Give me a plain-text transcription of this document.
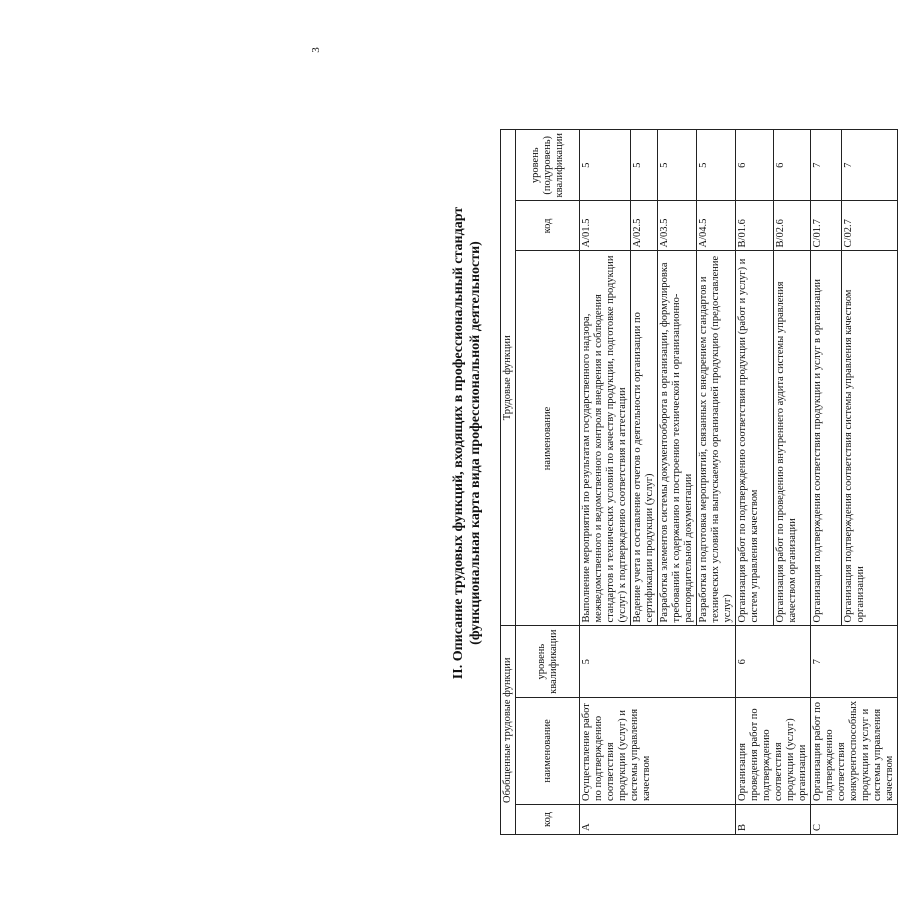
3
II. Описание трудовых функций, входящих в профессиональный стандарт (функциональная карта вида профессиональной деятельности)
Обобщенные трудовые функции			Трудовые функции		
код	наименование	уровень квалификации	наименование	код	уровень (подуровень) квалификации
A	Осуществление работ по подтверждению соответствия продукции (услуг) и системы управления качеством	5	Выполнение мероприятий по результатам государственного надзора, межведомственного и ведомственного контроля внедрения и соблюдения стандартов и технических условий по качеству продукции, подготовке продукции (услуг) к подтверждению соответствия и аттестации	A/01.5	5
			Ведение учета и составление отчетов о деятельности организации по сертификации продукции (услуг)	A/02.5	5
			Разработка элементов системы документооборота в организации, формулировка требований к содержанию и построению технической и организационно-распорядительной документации	A/03.5	5
			Разработка и подготовка мероприятий, связанных с внедрением стандартов и технических условий на выпускаемую организацией продукцию (предоставление услуг)	A/04.5	5
B	Организация проведения работ по подтверждению соответствия продукции (услуг) организации	6	Организация работ по подтверждению соответствия продукции (работ и услуг) и систем управления качеством	B/01.6	6
			Организация работ по проведению внутреннего аудита системы управления качеством организации	B/02.6	6
C	Организация работ по подтверждению соответствия конкурентоспособных продукции и услуг и системы управления качеством	7	Организация подтверждения соответствия продукции и услуг в организации	C/01.7	7
			Организация подтверждения соответствия системы управления качеством организации	C/02.7	7
